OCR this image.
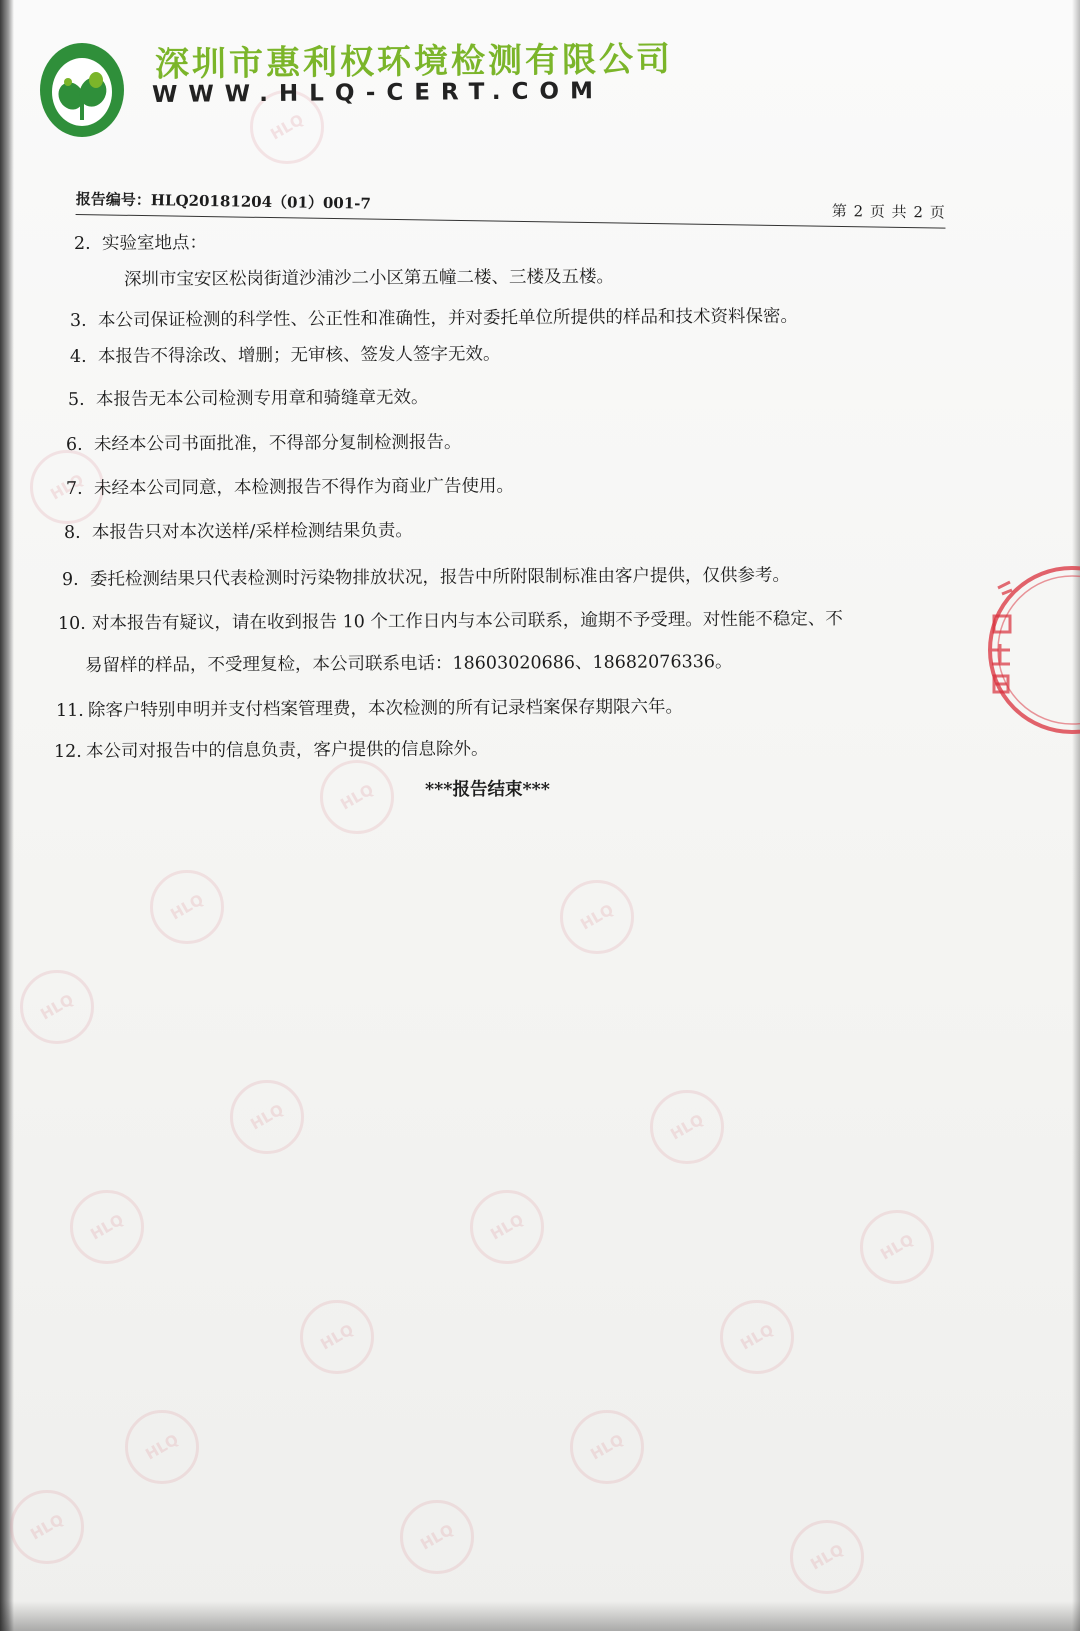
HLQ
HLQ
HLQ
HLQ
HLQ
HLQ
HLQ
HLQ
HLQ
HLQ
HLQ
HLQ
HLQ
HLQ
HLQ
HLQ
HLQ
HLQ
深圳市惠利权环境检测有限公司
WWW.HLQ-CERT.COM
报告编号：HLQ20181204（01）001-7	第 2 页 共 2 页
2. 实验室地点：
深圳市宝安区松岗街道沙浦沙二小区第五幢二楼、三楼及五楼。
3. 本公司保证检测的科学性、公正性和准确性，并对委托单位所提供的样品和技术资料保密。
4. 本报告不得涂改、增删；无审核、签发人签字无效。
5. 本报告无本公司检测专用章和骑缝章无效。
6. 未经本公司书面批准，不得部分复制检测报告。
7. 未经本公司同意，本检测报告不得作为商业广告使用。
8. 本报告只对本次送样/采样检测结果负责。
9. 委托检测结果只代表检测时污染物排放状况，报告中所附限制标准由客户提供，仅供参考。
10. 对本报告有疑议，请在收到报告 10 个工作日内与本公司联系，逾期不予受理。对性能不稳定、不
易留样的样品，不受理复检，本公司联系电话：18603020686、18682076336。
11. 除客户特别申明并支付档案管理费，本次检测的所有记录档案保存期限六年。
12. 本公司对报告中的信息负责，客户提供的信息除外。
***报告结束***
